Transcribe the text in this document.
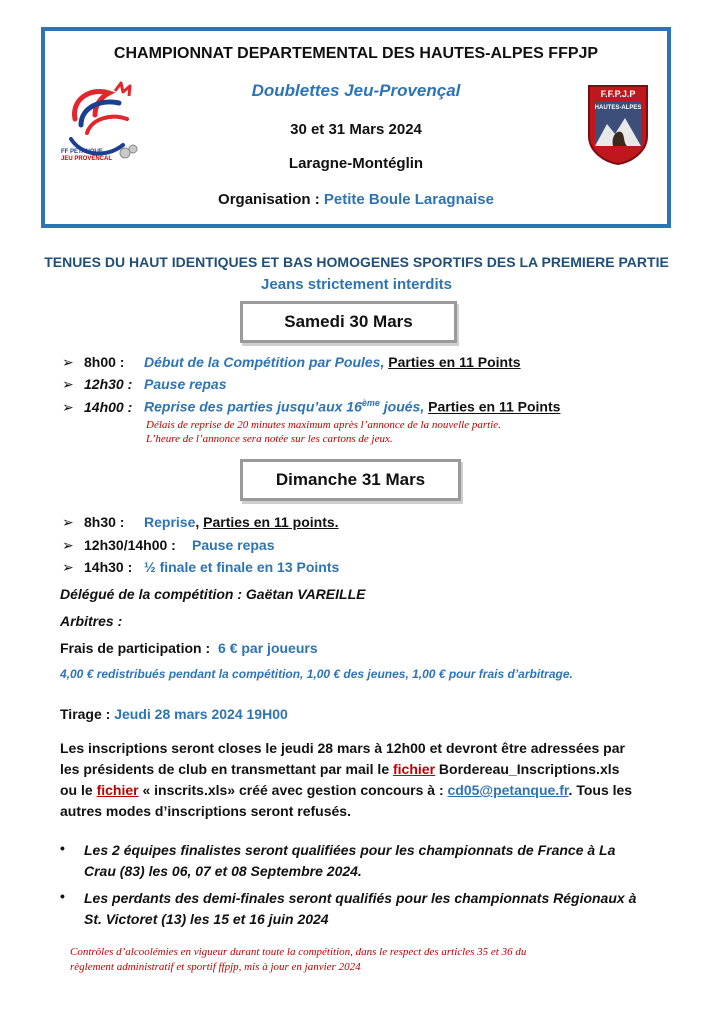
CHAMPIONNAT DEPARTEMENTAL DES HAUTES-ALPES FFPJP
Doublettes Jeu-Provençal
30 et 31 Mars 2024
Laragne-Montéglin
Organisation : Petite Boule Laragnaise
FF PETANQUE
JEU PROVENCAL
F.F.P.J.P
HAUTES-ALPES
TENUES DU HAUT IDENTIQUES ET BAS HOMOGENES SPORTIFS DES LA PREMIERE PARTIE
Jeans strictement interdits
Samedi 30 Mars
➢ 8h00 : Début de la Compétition par Poules, Parties en 11 Points
➢ 12h30 : Pause repas
➢ 14h00 : Reprise des parties jusqu’aux 16ème joués, Parties en 11 Points
Délais de reprise de 20 minutes maximum après l’annonce de la nouvelle partie.
L’heure de l’annonce sera notée sur les cartons de jeux.
Dimanche 31 Mars
➢ 8h30 : Reprise, Parties en 11 points.
➢ 12h30/14h00 : Pause repas
➢ 14h30 : ½ finale et finale en 13 Points
Délégué de la compétition : Gaëtan VAREILLE
Arbitres :
Frais de participation : 6 € par joueurs
4,00 € redistribués pendant la compétition, 1,00 € des jeunes, 1,00 € pour frais d’arbitrage.
Tirage : Jeudi 28 mars 2024 19H00
Les inscriptions seront closes le jeudi 28 mars à 12h00 et devront être adressées par
les présidents de club en transmettant par mail le fichier Bordereau_Inscriptions.xls
ou le fichier « inscrits.xls» créé avec gestion concours à : cd05@petanque.fr. Tous les
autres modes d’inscriptions seront refusés.
• Les 2 équipes finalistes seront qualifiées pour les championnats de France à La
Crau (83) les 06, 07 et 08 Septembre 2024.
• Les perdants des demi-finales seront qualifiés pour les championnats Régionaux à
St. Victoret (13) les 15 et 16 juin 2024
Contrôles d’alcoolémies en vigueur durant toute la compétition, dans le respect des articles 35 et 36 du
règlement administratif et sportif ffpjp, mis à jour en janvier 2024
